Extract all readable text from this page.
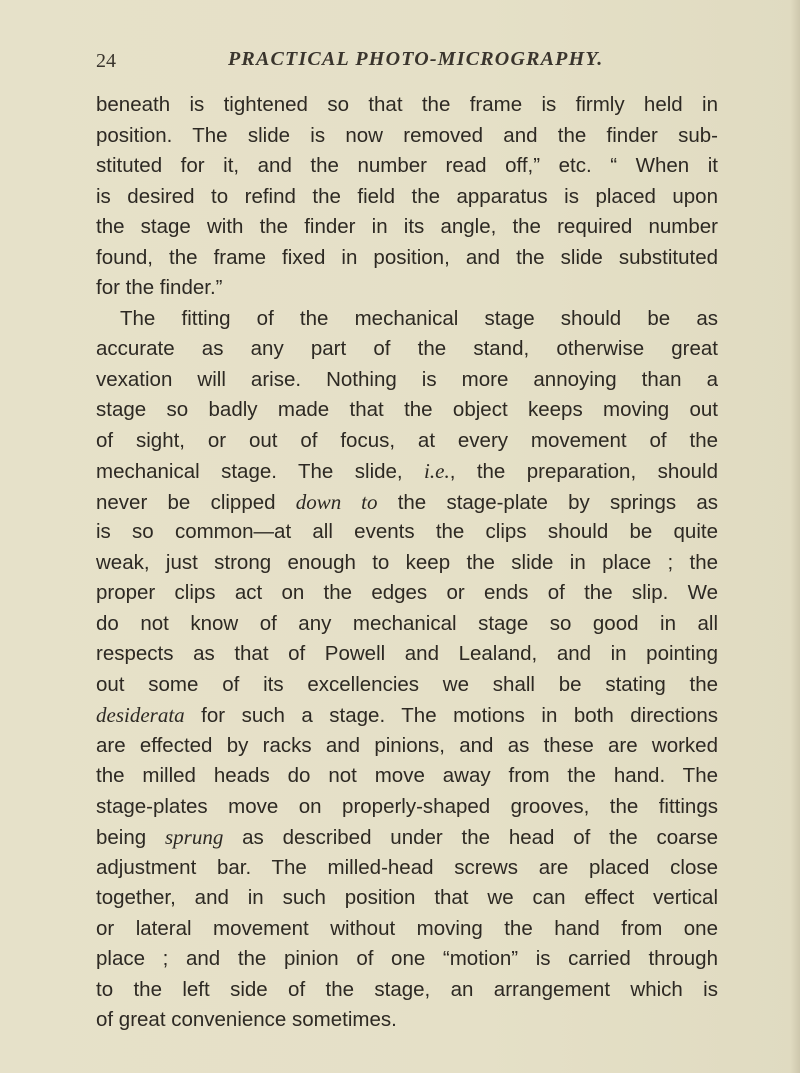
24	PRACTICAL PHOTO-MICROGRAPHY.
beneath is tightened so that the frame is firmly held in
position. The slide is now removed and the finder sub-
stituted for it, and the number read off,” etc. “ When it
is desired to refind the field the apparatus is placed upon
the stage with the finder in its angle, the required number
found, the frame fixed in position, and the slide substituted
for the finder.”
The fitting of the mechanical stage should be as
accurate as any part of the stand, otherwise great
vexation will arise. Nothing is more annoying than a
stage so badly made that the object keeps moving out
of sight, or out of focus, at every movement of the
mechanical stage. The slide, i.e., the preparation, should
never be clipped down to the stage-plate by springs as
is so common—at all events the clips should be quite
weak, just strong enough to keep the slide in place ; the
proper clips act on the edges or ends of the slip. We
do not know of any mechanical stage so good in all
respects as that of Powell and Lealand, and in pointing
out some of its excellencies we shall be stating the
desiderata for such a stage. The motions in both directions
are effected by racks and pinions, and as these are worked
the milled heads do not move away from the hand. The
stage-plates move on properly-shaped grooves, the fittings
being sprung as described under the head of the coarse
adjustment bar. The milled-head screws are placed close
together, and in such position that we can effect vertical
or lateral movement without moving the hand from one
place ; and the pinion of one “motion” is carried through
to the left side of the stage, an arrangement which is
of great convenience sometimes.
